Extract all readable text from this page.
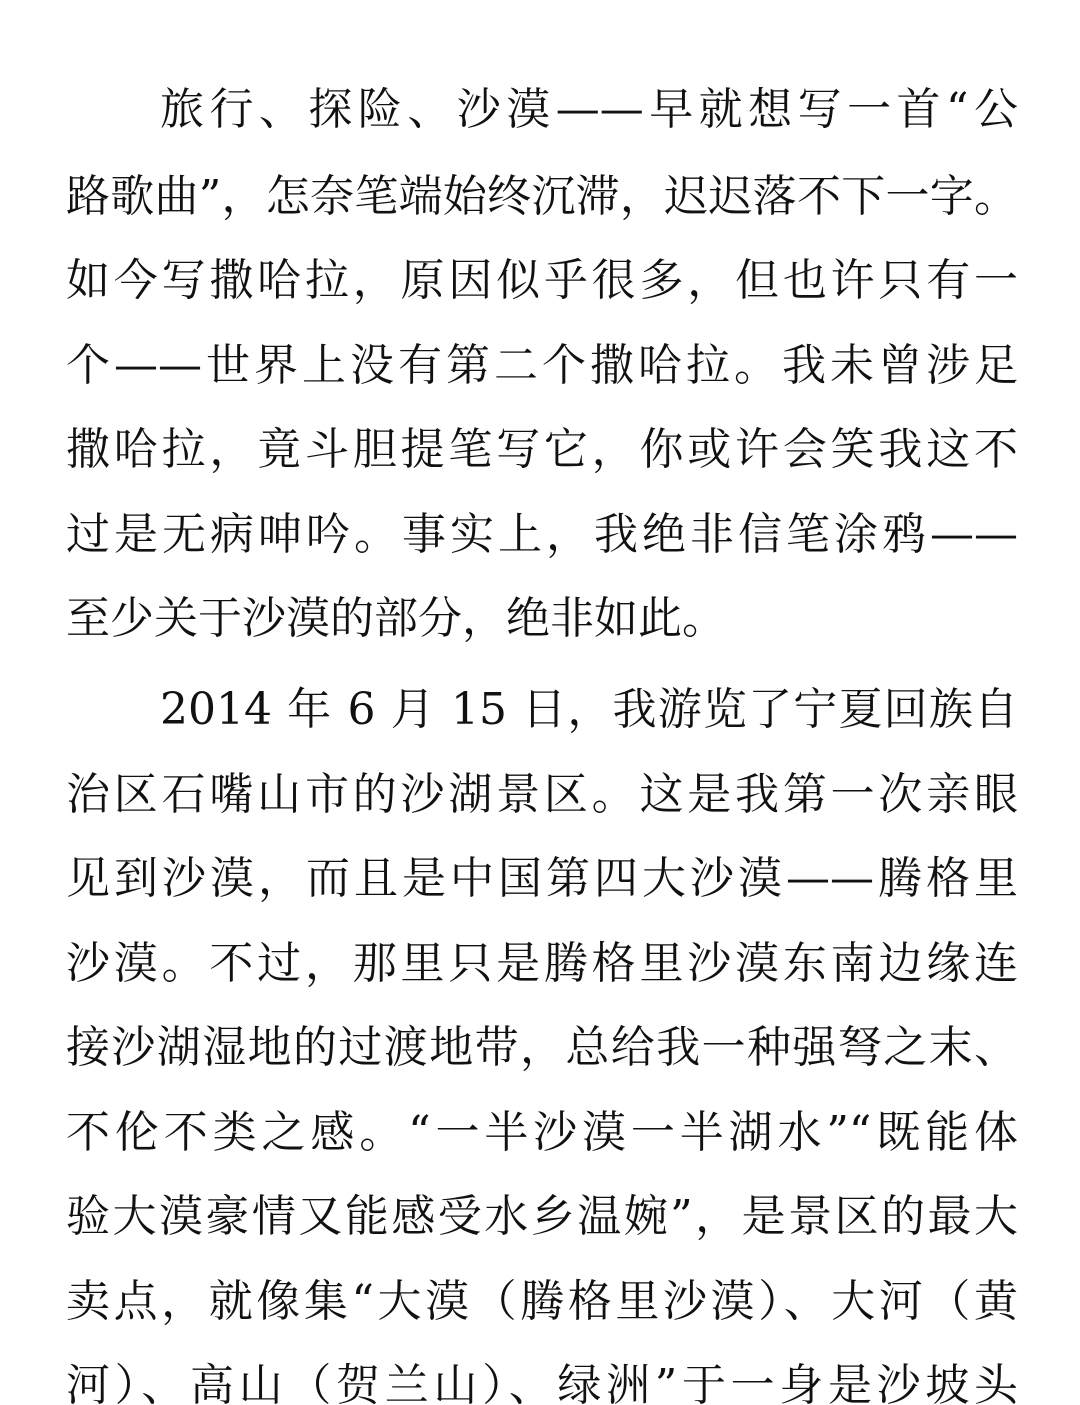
旅行、探险、沙漠——早就想写一首“公
路歌曲”，怎奈笔端始终沉滞，迟迟落不下一字。
如今写撒哈拉，原因似乎很多，但也许只有一
个——世界上没有第二个撒哈拉。我未曾涉足
撒哈拉，竟斗胆提笔写它，你或许会笑我这不
过是无病呻吟。事实上，我绝非信笔涂鸦——
至少关于沙漠的部分，绝非如此。
2014 年 6 月 15 日，我游览了宁夏回族自
治区石嘴山市的沙湖景区。这是我第一次亲眼
见到沙漠，而且是中国第四大沙漠——腾格里
沙漠。不过，那里只是腾格里沙漠东南边缘连
接沙湖湿地的过渡地带，总给我一种强弩之末、
不伦不类之感。“一半沙漠一半湖水”“既能体
验大漠豪情又能感受水乡温婉”，是景区的最大
卖点，就像集“大漠（腾格里沙漠）、大河（黄
河）、高山（贺兰山）、绿洲”于一身是沙坡头
